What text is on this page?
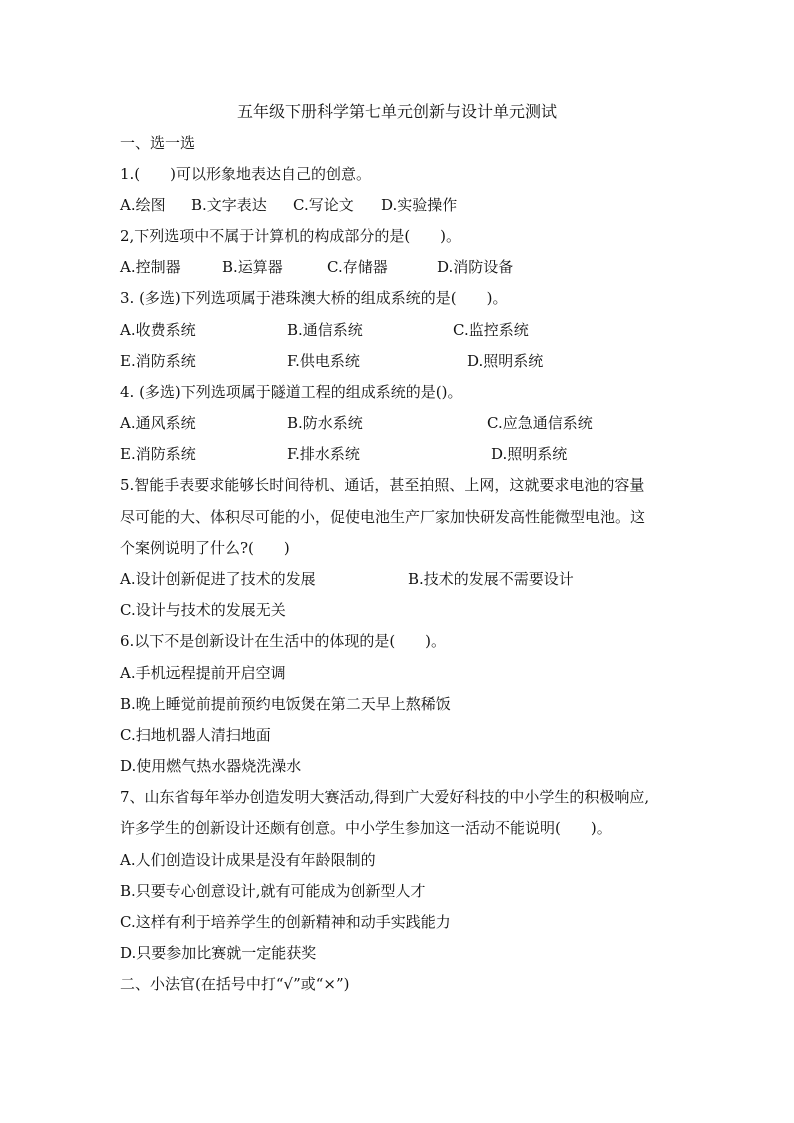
五年级下册科学第七单元创新与设计单元测试
一、选一选
1.(　　)可以形象地表达自己的创意。
A.绘图 B.文字表达 C.写论文 D.实验操作
2,下列选项中不属于计算机的构成部分的是(　　)。
A.控制器	B.运算器	C.存储器	D.消防设备
3. (多选)下列选项属于港珠澳大桥的组成系统的是(　　)。
A.收费系统	B.通信系统	C.监控系统
E.消防系统	F.供电系统	D.照明系统
4. (多选)下列选项属于隧道工程的组成系统的是()。
A.通风系统	B.防水系统	C.应急通信系统
E.消防系统	F.排水系统	D.照明系统
5.智能手表要求能够长时间待机、通话，甚至拍照、上网，这就要求电池的容量
尽可能的大、体积尽可能的小，促使电池生产厂家加快研发高性能微型电池。这
个案例说明了什么?(　　)
A.设计创新促进了技术的发展	B.技术的发展不需要设计
C.设计与技术的发展无关
6.以下不是创新设计在生活中的体现的是(　　)。
A.手机远程提前开启空调
B.晚上睡觉前提前预约电饭煲在第二天早上熬稀饭
C.扫地机器人清扫地面
D.使用燃气热水器烧洗澡水
7、山东省每年举办创造发明大赛活动,得到广大爱好科技的中小学生的积极响应,
许多学生的创新设计还颇有创意。中小学生参加这一活动不能说明(　　)。
A.人们创造设计成果是没有年龄限制的
B.只要专心创意设计,就有可能成为创新型人才
C.这样有利于培养学生的创新精神和动手实践能力
D.只要参加比赛就一定能获奖
二、小法官(在括号中打“√”或“×”)
